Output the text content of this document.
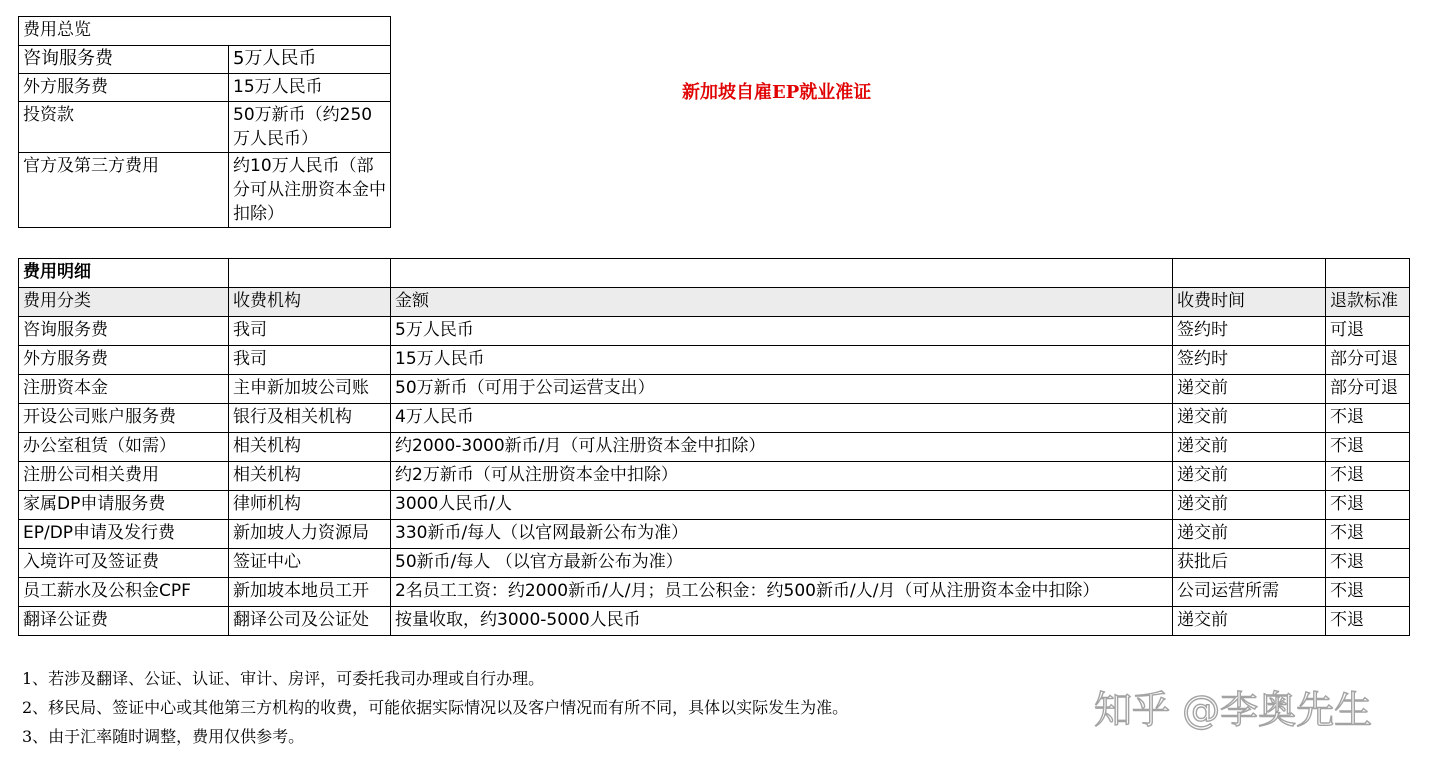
费用总览	
咨询服务费	5万人民币
外方服务费	15万人民币
投资款	50万新币（约250万人民币）
官方及第三方费用	约10万人民币（部分可从注册资本金中扣除）
新加坡自雇EP就业准证
费用明细				
费用分类	收费机构	金额	收费时间	退款标准
咨询服务费	我司	5万人民币	签约时	可退
外方服务费	我司	15万人民币	签约时	部分可退
注册资本金	主申新加坡公司账	50万新币（可用于公司运营支出）	递交前	部分可退
开设公司账户服务费	银行及相关机构	4万人民币	递交前	不退
办公室租赁（如需）	相关机构	约2000-3000新币/月（可从注册资本金中扣除）	递交前	不退
注册公司相关费用	相关机构	约2万新币（可从注册资本金中扣除）	递交前	不退
家属DP申请服务费	律师机构	3000人民币/人	递交前	不退
EP/DP申请及发行费	新加坡人力资源局	330新币/每人（以官网最新公布为准）	递交前	不退
入境许可及签证费	签证中心	50新币/每人 （以官方最新公布为准）	获批后	不退
员工薪水及公积金CPF	新加坡本地员工开	2名员工工资：约2000新币/人/月；员工公积金：约500新币/人/月（可从注册资本金中扣除）	公司运营所需	不退
翻译公证费	翻译公司及公证处	按量收取，约3000-5000人民币	递交前	不退
1、若涉及翻译、公证、认证、审计、房评，可委托我司办理或自行办理。
2、移民局、签证中心或其他第三方机构的收费，可能依据实际情况以及客户情况而有所不同，具体以实际发生为准。
3、由于汇率随时调整，费用仅供参考。
知乎 @李奥先生
